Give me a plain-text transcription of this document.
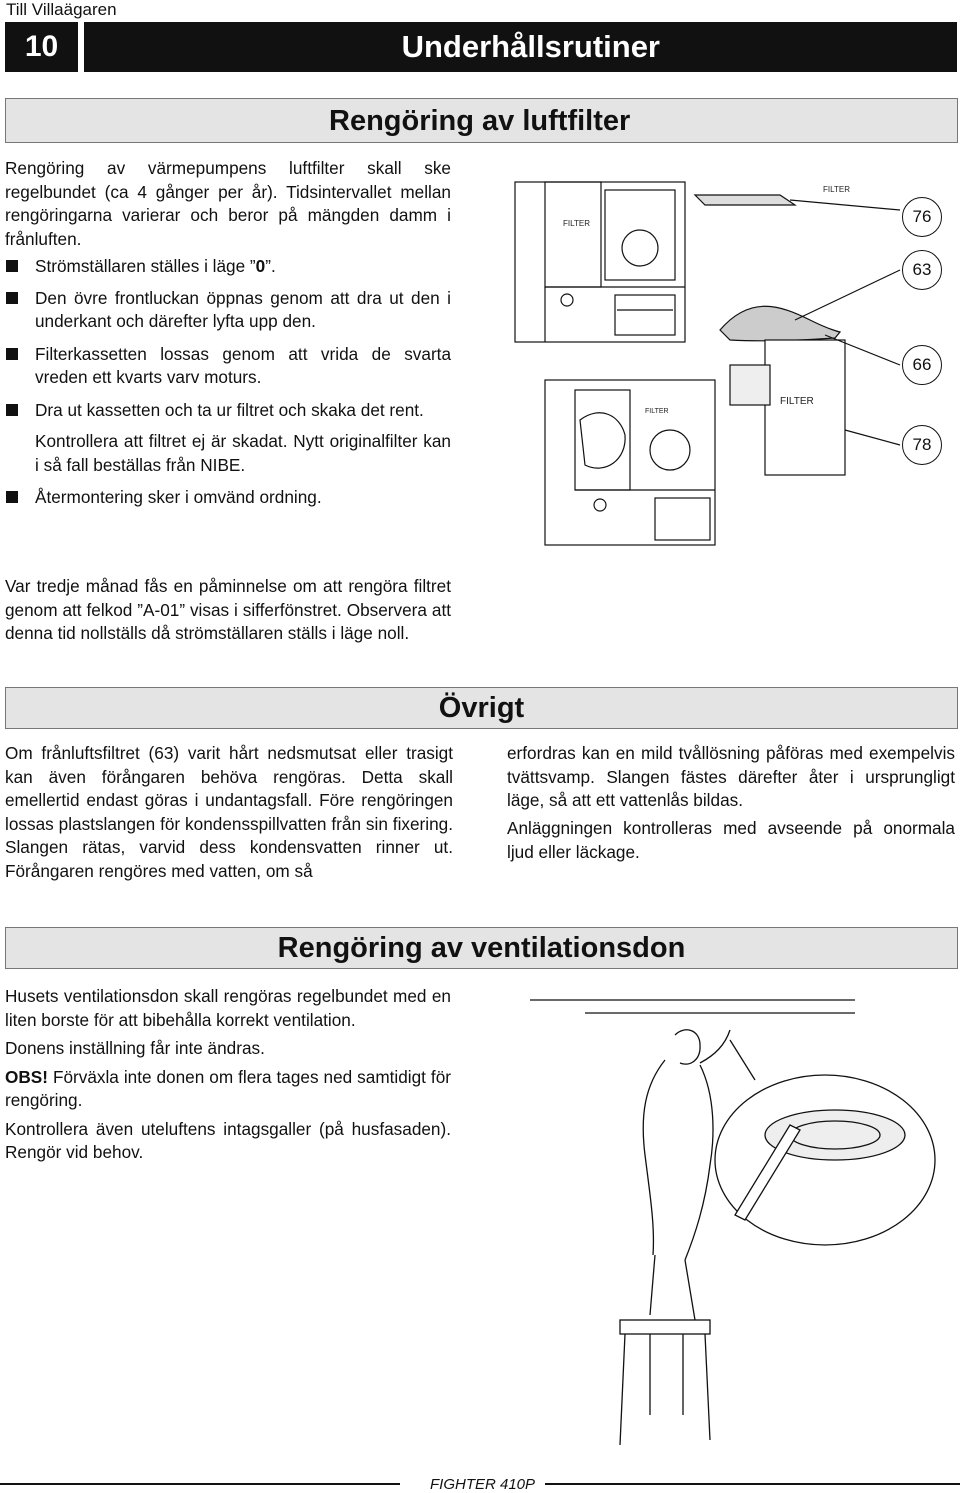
Till Villaägaren
10	Underhållsrutiner
Rengöring av luftfilter

Rengöring av värmepumpens luftfilter skall ske regelbundet (ca 4 gånger per år). Tidsintervallet mellan rengöringarna varierar och beror på mängden damm i frånluften.

Strömställaren ställes i läge ”0”.

Den övre frontluckan öppnas genom att dra ut den i underkant och därefter lyfta upp den.

Filterkassetten lossas genom att vrida de svarta vreden ett kvarts varv moturs.

Dra ut kassetten och ta ur filtret och skaka det rent.

Kontrollera att filtret ej är skadat. Nytt originalfilter kan i så fall beställas från NIBE.

Återmontering sker i omvänd ordning.

FILTER
FILTER
FILTER
FILTER
76
63
66
78

Var tredje månad fås en påminnelse om att rengöra filtret genom att felkod ”A-01” visas i sifferfönstret. Observera att denna tid nollställs då strömställaren ställs i läge noll.

Övrigt

Om frånluftsfiltret (63) varit hårt nedsmutsat eller trasigt kan även förångaren behöva rengöras. Detta skall emellertid endast göras i undantagsfall. Före rengöringen lossas plastslangen för kondensspillvatten från sin fixering. Slangen rätas, varvid dess kondensvatten rinner ut. Förångaren rengöres med vatten, om så

erfordras kan en mild tvållösning påföras med exempelvis tvättsvamp. Slangen fästes därefter åter i ursprungligt läge, så att ett vattenlås bildas.

Anläggningen kontrolleras med avseende på onormala ljud eller läckage.

Rengöring av ventilationsdon

Husets ventilationsdon skall rengöras regelbundet med en liten borste för att bibehålla korrekt ventilation.

Donens inställning får inte ändras.

OBS! Förväxla inte donen om flera tages ned samtidigt för rengöring.

Kontrollera även uteluftens intagsgaller (på husfasaden). Rengör vid behov.

FIGHTER 410P
